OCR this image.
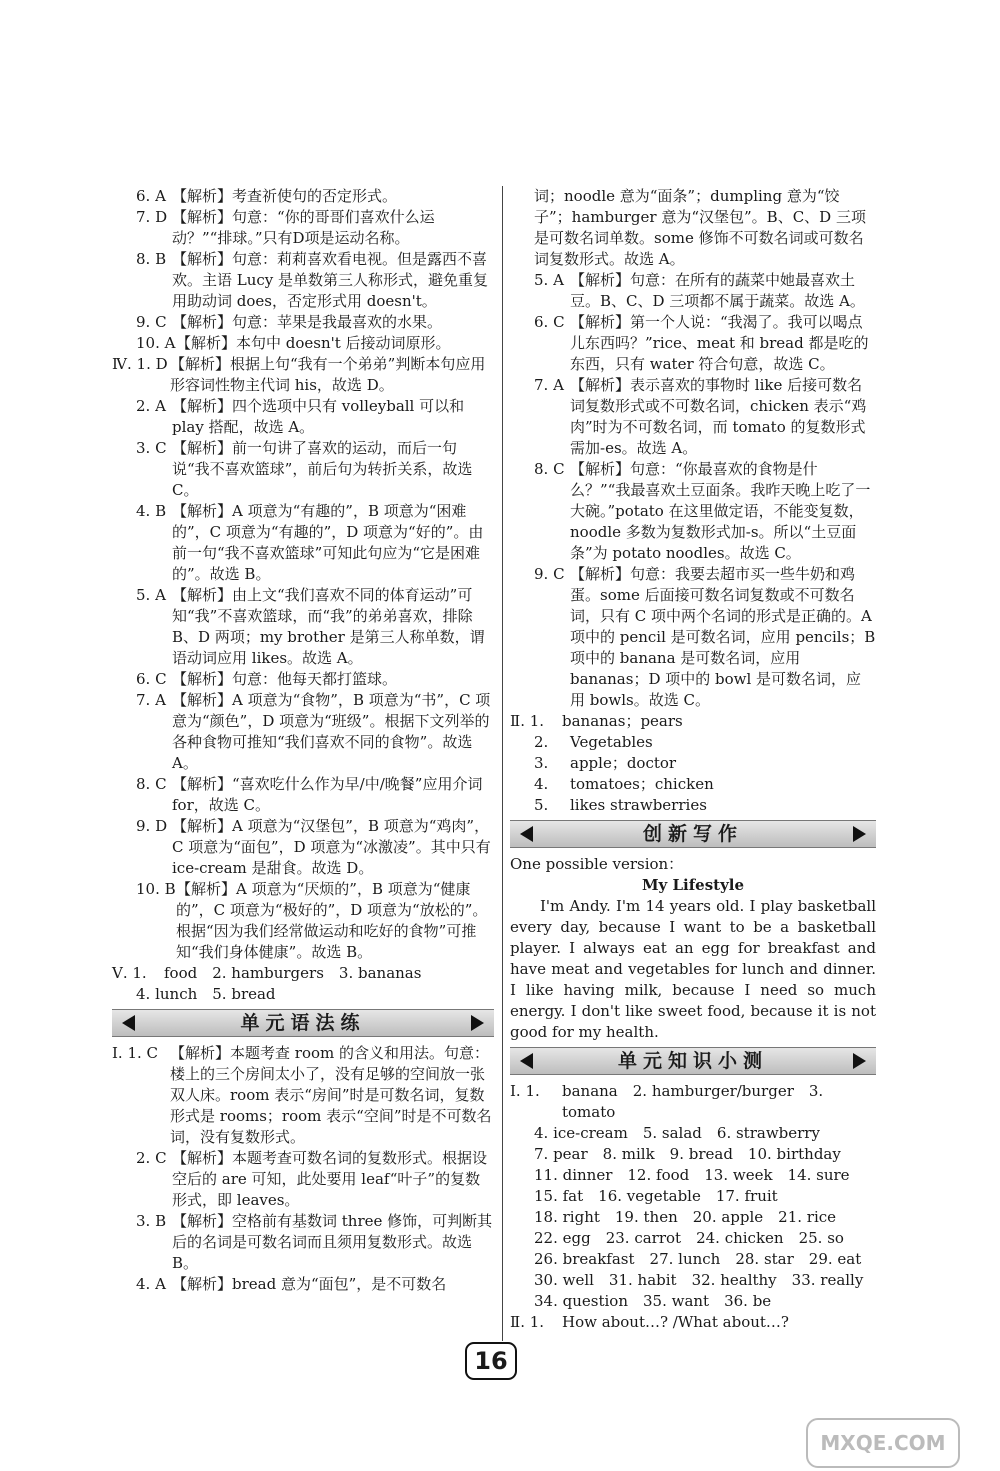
6. A 【解析】考查祈使句的否定形式。
7. D 【解析】句意：“你的哥哥们喜欢什么运动？”“排球。”只有D项是运动名称。
8. B 【解析】句意：莉莉喜欢看电视。但是露西不喜欢。主语 Lucy 是单数第三人称形式，避免重复用助动词 does，否定形式用 doesn't。
9. C 【解析】句意：苹果是我最喜欢的水果。
10. A 【解析】本句中 doesn't 后接动词原形。
Ⅳ. 1. D 【解析】根据上句“我有一个弟弟”判断本句应用形容词性物主代词 his，故选 D。
2. A 【解析】四个选项中只有 volleyball 可以和 play 搭配，故选 A。
3. C 【解析】前一句讲了喜欢的运动，而后一句说“我不喜欢篮球”，前后句为转折关系，故选 C。
4. B 【解析】A 项意为“有趣的”，B 项意为“困难的”，C 项意为“有趣的”，D 项意为“好的”。由前一句“我不喜欢篮球”可知此句应为“它是困难的”。故选 B。
5. A 【解析】由上文“我们喜欢不同的体育运动”可知“我”不喜欢篮球，而“我”的弟弟喜欢，排除 B、D 两项；my brother 是第三人称单数，谓语动词应用 likes。故选 A。
6. C 【解析】句意：他每天都打篮球。
7. A 【解析】A 项意为“食物”，B 项意为“书”，C 项意为“颜色”，D 项意为“班级”。根据下文列举的各种食物可推知“我们喜欢不同的食物”。故选 A。
8. C 【解析】“喜欢吃什么作为早/中/晚餐”应用介词 for，故选 C。
9. D 【解析】A 项意为“汉堡包”，B 项意为“鸡肉”，C 项意为“面包”，D 项意为“冰激凌”。其中只有 ice-cream 是甜食。故选 D。
10. B 【解析】A 项意为“厌烦的”，B 项意为“健康的”，C 项意为“极好的”，D 项意为“放松的”。根据“因为我们经常做运动和吃好的食物”可推知“我们身体健康”。故选 B。
Ⅴ. 1. food　2. hamburgers　3. bananas
4. lunch　5. bread
单元语法练
Ⅰ. 1. C 【解析】本题考查 room 的含义和用法。句意：楼上的三个房间太小了，没有足够的空间放一张双人床。room 表示“房间”时是可数名词，复数形式是 rooms；room 表示“空间”时是不可数名词，没有复数形式。
2. C 【解析】本题考查可数名词的复数形式。根据设空后的 are 可知，此处要用 leaf“叶子”的复数形式，即 leaves。
3. B 【解析】空格前有基数词 three 修饰，可判断其后的名词是可数名词而且须用复数形式。故选 B。
4. A 【解析】bread 意为“面包”，是不可数名
词；noodle 意为“面条”；dumpling 意为“饺子”；hamburger 意为“汉堡包”。B、C、D 三项是可数名词单数。some 修饰不可数名词或可数名词复数形式。故选 A。
5. A 【解析】句意：在所有的蔬菜中她最喜欢土豆。B、C、D 三项都不属于蔬菜。故选 A。
6. C 【解析】第一个人说：“我渴了。我可以喝点儿东西吗？”rice、meat 和 bread 都是吃的东西，只有 water 符合句意，故选 C。
7. A 【解析】表示喜欢的事物时 like 后接可数名词复数形式或不可数名词，chicken 表示“鸡肉”时为不可数名词，而 tomato 的复数形式需加-es。故选 A。
8. C 【解析】句意：“你最喜欢的食物是什么？”“我最喜欢土豆面条。我昨天晚上吃了一大碗。”potato 在这里做定语，不能变复数，noodle 多数为复数形式加-s。所以“土豆面条”为 potato noodles。故选 C。
9. C 【解析】句意：我要去超市买一些牛奶和鸡蛋。some 后面接可数名词复数或不可数名词，只有 C 项中两个名词的形式是正确的。A 项中的 pencil 是可数名词，应用 pencils；B 项中的 banana 是可数名词，应用 bananas；D 项中的 bowl 是可数名词，应用 bowls。故选 C。
Ⅱ. 1. bananas；pears
2. Vegetables
3. apple；doctor
4. tomatoes；chicken
5. likes strawberries
创新写作

One possible version：

My Lifestyle

I'm Andy. I'm 14 years old. I play basketball every day, because I want to be a basketball player. I always eat an egg for breakfast and have meat and vegetables for lunch and dinner. I like having milk, because I need so much energy. I don't like sweet food, because it is not good for my health.

单元知识小测
Ⅰ. 1. banana　2. hamburger/burger　3. tomato
4. ice-cream　5. salad　6. strawberry
7. pear　8. milk　9. bread　10. birthday
11. dinner　12. food　13. week　14. sure
15. fat　16. vegetable　17. fruit
18. right　19. then　20. apple　21. rice
22. egg　23. carrot　24. chicken　25. so
26. breakfast　27. lunch　28. star　29. eat
30. well　31. habit　32. healthy　33. really
34. question　35. want　36. be
Ⅱ. 1. How about…? /What about…?
16
MXQE.COM
